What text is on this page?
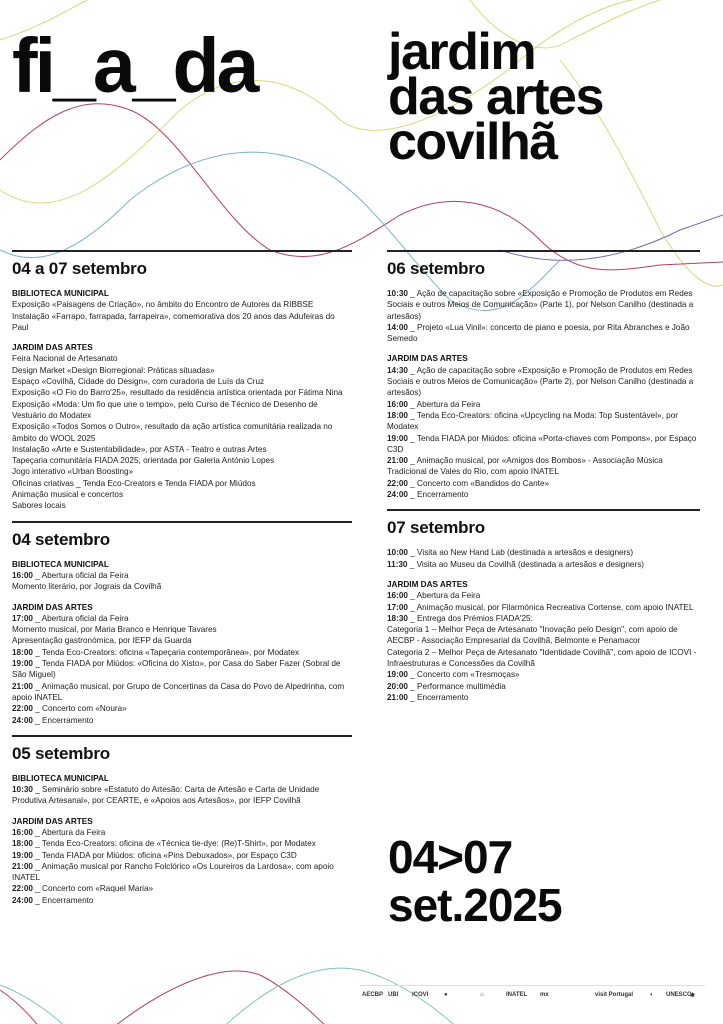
fi_a_da	jardim
das artes
covilhã
04 a 07 setembro
BIBLIOTECA MUNICIPAL
Exposição «Paisagens de Criação», no âmbito do Encontro de Autores da RIBBSE
Instalação «Farrapo, farrapada, farrapeira», comemorativa dos 20 anos das Adufeiras do Paul
JARDIM DAS ARTES
Feira Nacional de Artesanato
Design Market «Design Biorregional: Práticas situadas»
Espaço «Covilhã, Cidade do Design», com curadoria de Luís da Cruz
Exposição «O Fio do Barro'25», resultado da residência artística orientada por Fátima Nina
Exposição «Moda: Um fio que une o tempo», pelo Curso de Técnico de Desenho de Vestuário do Modatex
Exposição «Todos Somos o Outro», resultado da ação artística comunitária realizada no âmbito do WOOL 2025
Instalação «Arte e Sustentabilidade», por ASTA - Teatro e outras Artes
Tapeçaria comunitária FIADA 2025, orientada por Galeria António Lopes
Jogo interativo «Urban Boosting»
Oficinas criativas _ Tenda Eco-Creators e Tenda FIADA por Miúdos
Animação musical e concertos
Sabores locais
04 setembro
BIBLIOTECA MUNICIPAL
16:00 _ Abertura oficial da Feira
Momento literário, por Jograis da Covilhã
JARDIM DAS ARTES
17:00 _ Abertura oficial da Feira
Momento musical, por Maria Branco e Henrique Tavares
Apresentação gastronómica, por IEFP da Guarda
18:00 _ Tenda Eco-Creators: oficina «Tapeçaria contemporânea», por Modatex
19:00 _ Tenda FIADA por Miúdos: «Oficina do Xisto», por Casa do Saber Fazer (Sobral de São Miguel)
21:00 _ Animação musical, por Grupo de Concertinas da Casa do Povo de Alpedrinha, com apoio INATEL
22:00 _ Concerto com «Noura»
24:00 _ Encerramento
05 setembro
BIBLIOTECA MUNICIPAL
10:30 _ Seminário sobre «Estatuto do Artesão: Carta de Artesão e Carta de Unidade Produtiva Artesanal», por CEARTE, e «Apoios aos Artesãos», por IEFP Covilhã
JARDIM DAS ARTES
16:00 _ Abertura da Feira
18:00 _ Tenda Eco-Creators: oficina de «Técnica tie-dye: (Re)T-Shirt», por Modatex
19:00 _ Tenda FIADA por Miúdos: oficina «Pins Debuxados», por Espaço C3D
21:00 _ Animação musical por Rancho Folclórico «Os Loureiros da Lardosa», com apoio INATEL
22:00 _ Concerto com «Raquel Maria»
24:00 _ Encerramento
06 setembro
10:30 _ Ação de capacitação sobre «Exposição e Promoção de Produtos em Redes Sociais e outros Meios de Comunicação» (Parte 1), por Nelson Canilho (destinada a artesãos)
14:00 _ Projeto «Lua Vinil»: concerto de piano e poesia, por Rita Abranches e João Semedo
JARDIM DAS ARTES
14:30 _ Ação de capacitação sobre «Exposição e Promoção de Produtos em Redes Sociais e outros Meios de Comunicação» (Parte 2), por Nelson Canilho (destinada a artesãos)
16:00 _ Abertura da Feira
18:00 _ Tenda Eco-Creators: oficina «Upcycling na Moda: Top Sustentável», por Modatex
19:00 _ Tenda FIADA por Miúdos: oficina «Porta-chaves com Pompons», por Espaço C3D
21:00 _ Animação musical, por «Amigos dos Bombos» - Associação Música Tradicional de Vales do Rio, com apoio INATEL
22:00 _ Concerto com «Bandidos do Cante»
24:00 _ Encerramento
07 setembro
10:00 _ Visita ao New Hand Lab (destinada a artesãos e designers)
11:30 _ Visita ao Museu da Covilhã (destinada a artesãos e designers)
JARDIM DAS ARTES
16:00 _ Abertura da Feira
17:00 _ Animação musical, por Filarmónica Recreativa Cortense, com apoio INATEL
18:30 _ Entrega dos Prémios FIADA'25:
Categoria 1 – Melhor Peça de Artesanato "Inovação pelo Design", com apoio de AECBP - Associação Empresarial da Covilhã, Belmonte e Penamacor
Categoria 2 – Melhor Peça de Artesanato "Identidade Covilhã", com apoio de ICOVI - Infraestruturas e Concessões da Covilhã
19:00 _ Concerto com «Tresmoças»
20:00 _ Performance multimédia
21:00 _ Encerramento
04>07
set.2025
AECBP UBI ICOVI	●	⌂	INATEL mx	visit Portugal	◐ UNESCO
❋
